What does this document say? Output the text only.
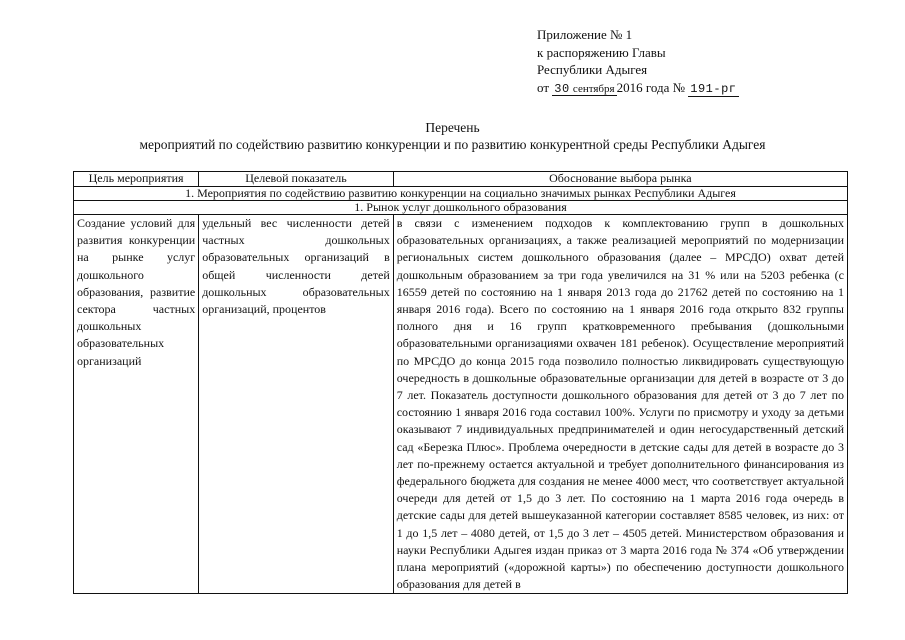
Приложение № 1
к распоряжению Главы
Республики Адыгея
от 30 сентября 2016 года № 191-рг
Перечень
мероприятий по содействию развитию конкуренции и по развитию конкурентной среды Республики Адыгея
Цель мероприятия	Целевой показатель	Обоснование выбора рынка
1. Мероприятия по содействию развитию конкуренции на социально значимых рынках Республики Адыгея		
1. Рынок услуг дошкольного образования		
Создание условий для развития конкуренции на рынке услуг дошкольного образования, развитие сектора частных дошкольных образовательных организаций	удельный вес численности детей частных дошкольных образовательных организаций в общей численности детей дошкольных образовательных организаций, процентов	в связи с изменением подходов к комплектованию групп в дошкольных образовательных организациях, а также реализацией мероприятий по модернизации региональных систем дошкольного образования (далее – МРСДО) охват детей дошкольным образованием за три года увеличился на 31 % или на 5203 ребенка (с 16559 детей по состоянию на 1 января 2013 года до 21762 детей по состоянию на 1 января 2016 года). Всего по состоянию на 1 января 2016 года открыто 832 группы полного дня и 16 групп кратковременного пребывания (дошкольными образовательными организациями охвачен 181 ребенок). Осуществление мероприятий по МРСДО до конца 2015 года позволило полностью ликвидировать существующую очередность в дошкольные образовательные организации для детей в возрасте от 3 до 7 лет. Показатель доступности дошкольного образования для детей от 3 до 7 лет по состоянию 1 января 2016 года составил 100%. Услуги по присмотру и уходу за детьми оказывают 7 индивидуальных предпринимателей и один негосударственный детский сад «Березка Плюс». Проблема очередности в детские сады для детей в возрасте до 3 лет по-прежнему остается актуальной и требует дополнительного финансирования из федерального бюджета для создания не менее 4000 мест, что соответствует актуальной очереди для детей от 1,5 до 3 лет. По состоянию на 1 марта 2016 года очередь в детские сады для детей вышеуказанной категории составляет 8585 человек, из них: от 1 до 1,5 лет – 4080 детей, от 1,5 до 3 лет – 4505 детей. Министерством образования и науки Республики Адыгея издан приказ от 3 марта 2016 года № 374 «Об утверждении плана мероприятий («дорожной карты») по обеспечению доступности дошкольного образования для детей в
